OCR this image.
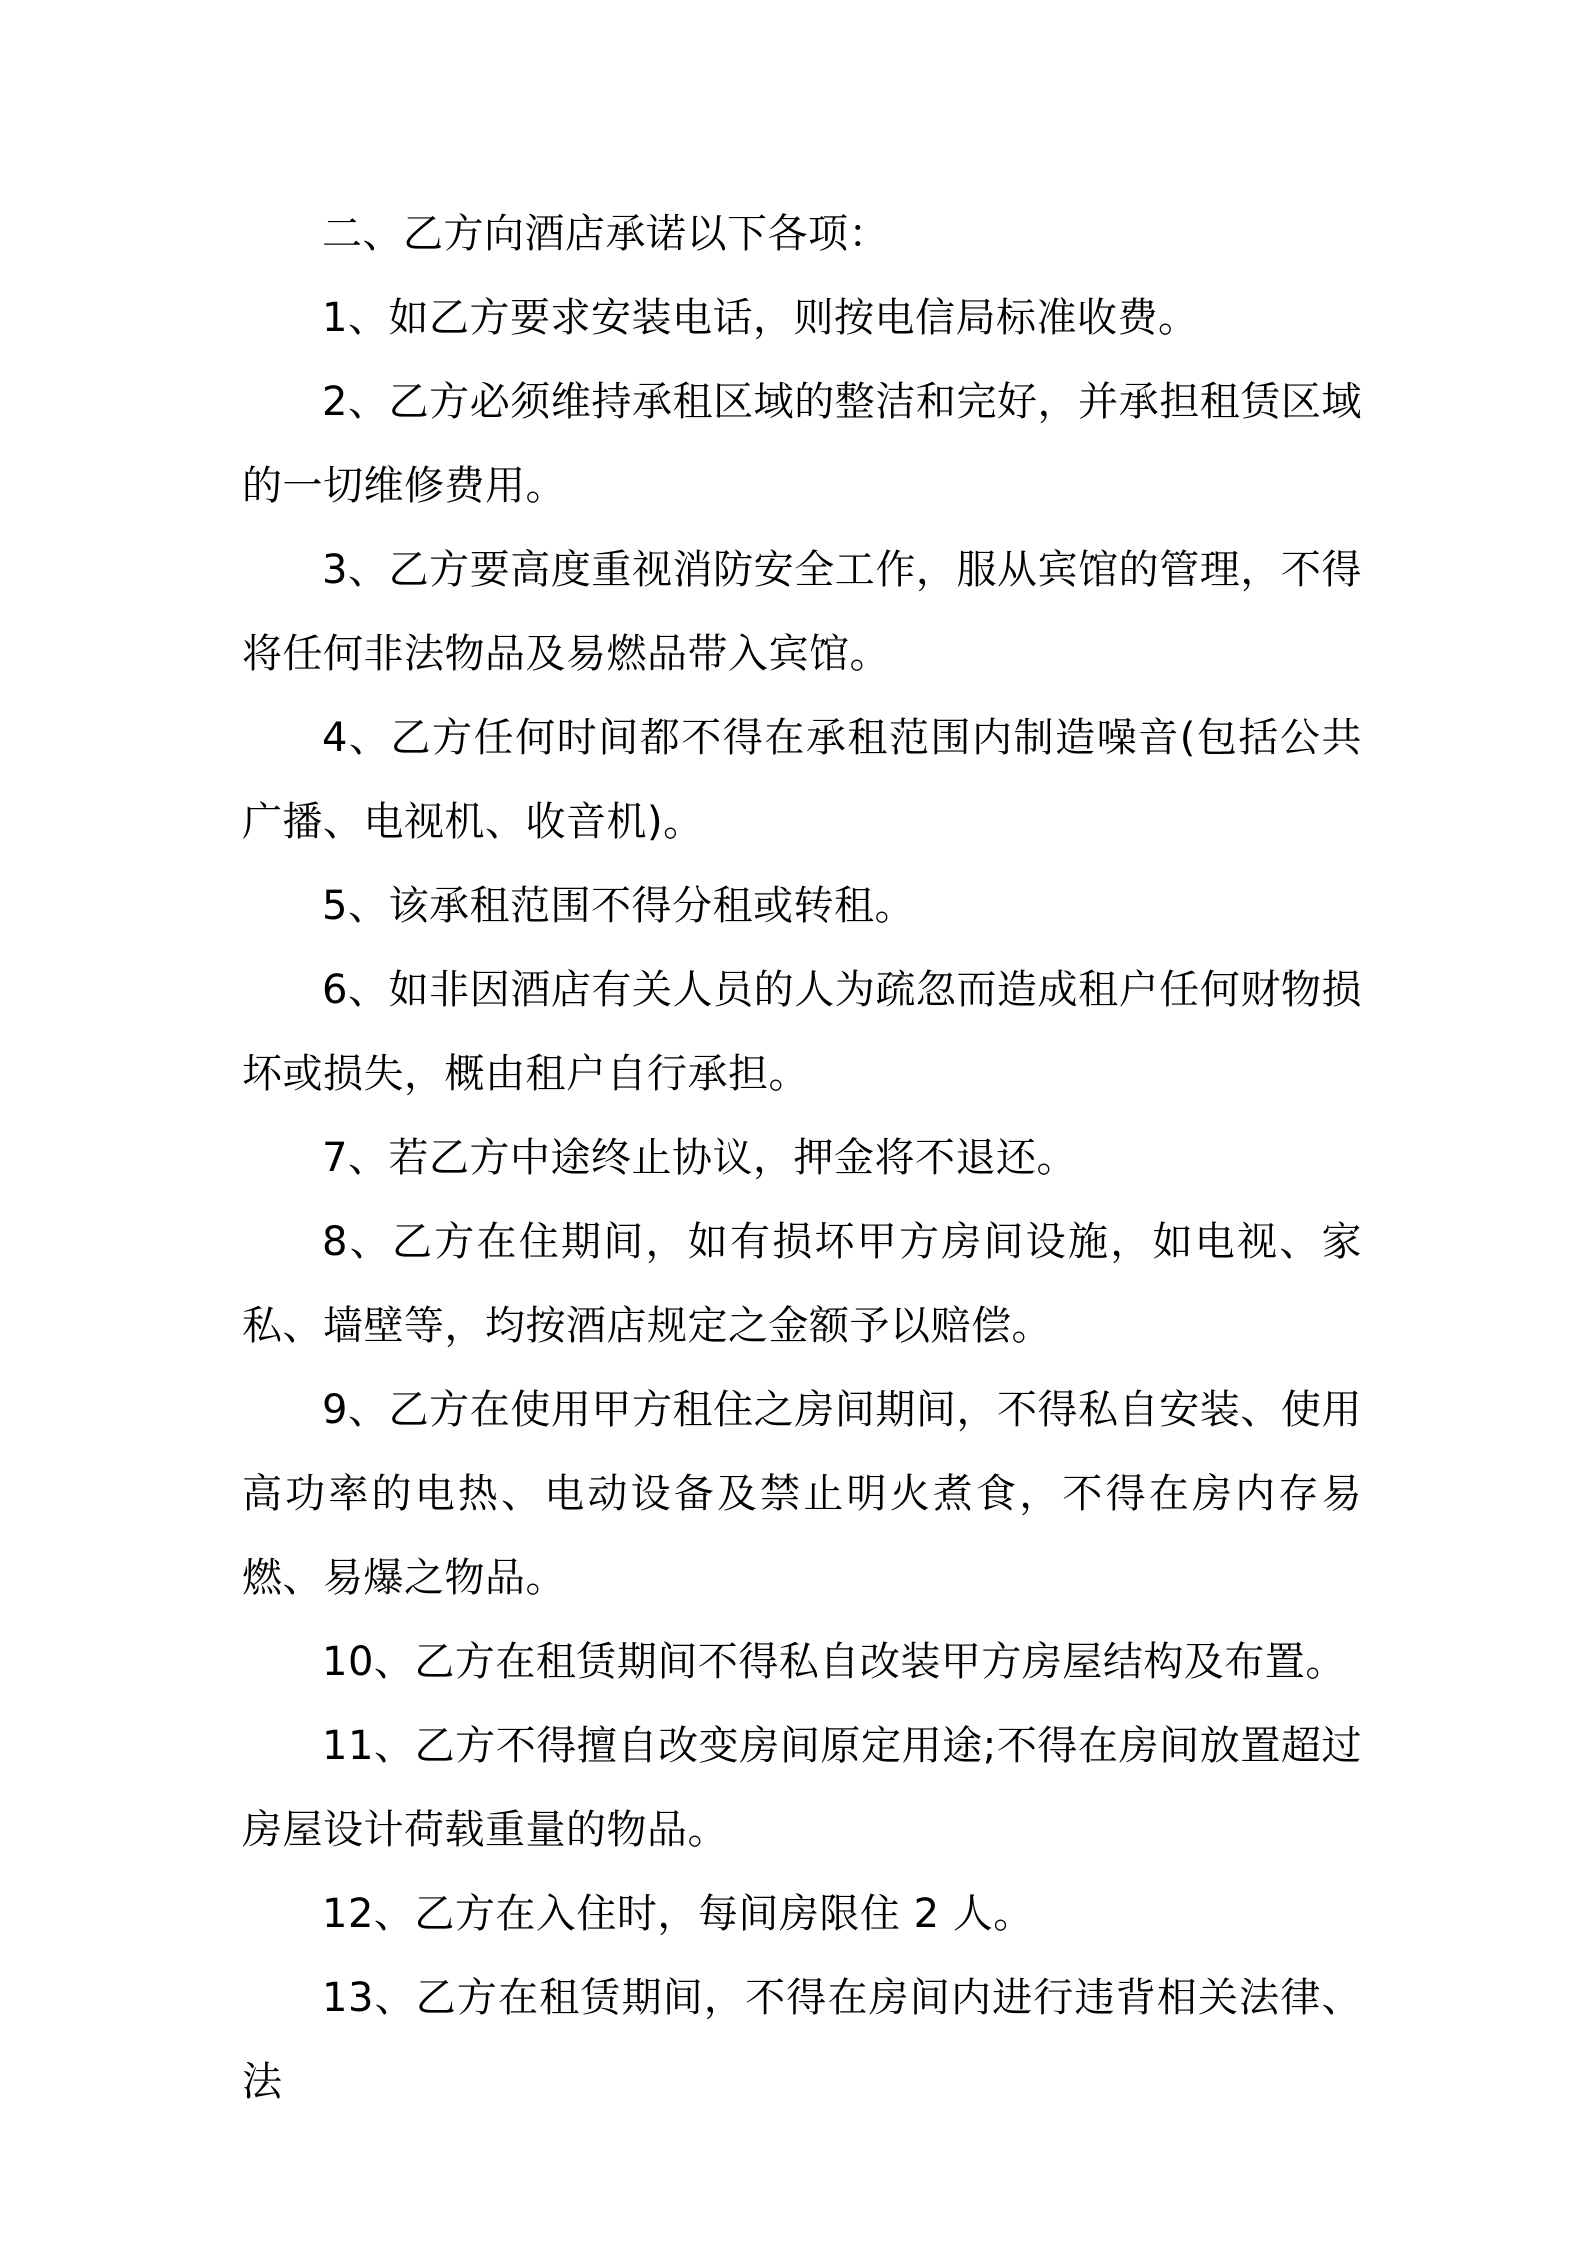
二、乙方向酒店承诺以下各项：

1、如乙方要求安装电话，则按电信局标准收费。

2、乙方必须维持承租区域的整洁和完好，并承担租赁区域的一切维修费用。

3、乙方要高度重视消防安全工作，服从宾馆的管理，不得将任何非法物品及易燃品带入宾馆。

4、乙方任何时间都不得在承租范围内制造噪音(包括公共广播、电视机、收音机)。

5、该承租范围不得分租或转租。

6、如非因酒店有关人员的人为疏忽而造成租户任何财物损坏或损失，概由租户自行承担。

7、若乙方中途终止协议，押金将不退还。

8、乙方在住期间，如有损坏甲方房间设施，如电视、家私、墙壁等，均按酒店规定之金额予以赔偿。

9、乙方在使用甲方租住之房间期间，不得私自安装、使用高功率的电热、电动设备及禁止明火煮食，不得在房内存易燃、易爆之物品。

10、乙方在租赁期间不得私自改装甲方房屋结构及布置。

11、乙方不得擅自改变房间原定用途;不得在房间放置超过房屋设计荷载重量的物品。

12、乙方在入住时，每间房限住 2 人。

13、乙方在租赁期间，不得在房间内进行违背相关法律、法
